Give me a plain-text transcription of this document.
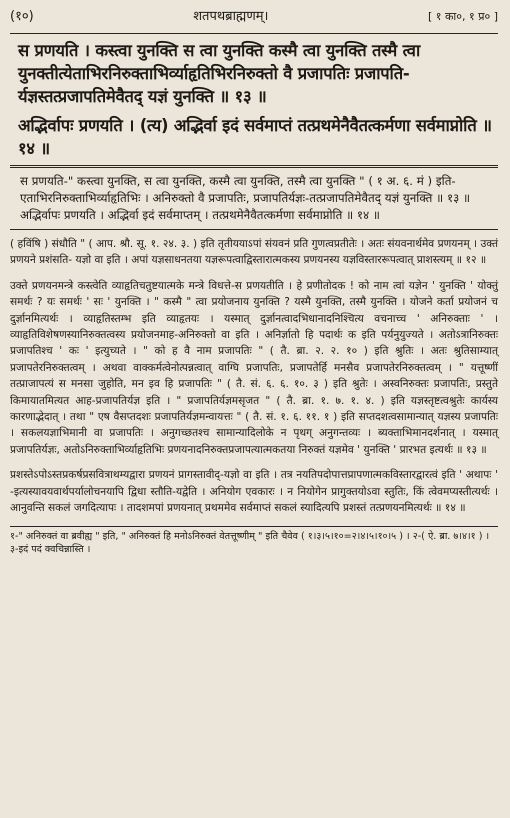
(१०)	शतपथब्राह्मणम्।	[ १ का०, १ प्र० ]

स प्रणयति । कस्त्वा युनक्ति स त्वा युनक्ति कस्मै त्वा युनक्ति तस्मै त्वा युनक्तीत्येताभिरनिरुक्ताभिर्व्याहृतिभिरनिरुक्तो वै प्रजापतिः प्रजापति-र्यज्ञस्तत्प्रजापतिमेवैतद् यज्ञं युनक्ति ॥ १३ ॥

अद्भिर्वापः प्रणयति । (त्य) अद्भिर्वा इदं सर्वमाप्तं तत्प्रथमेनैवैतत्कर्मणा सर्वमाप्नोति ॥ १४ ॥

स प्रणयति-" कस्त्वा युनक्ति, स त्वा युनक्ति, कस्मै त्वा युनक्ति, तस्मै त्वा युनक्ति " ( १ अ. ६. मं ) इति-एताभिरनिरुक्ताभिर्व्याहृतिभिः । अनिरुक्तो वै प्रजापतिः, प्रजापतिर्यज्ञः-तत्प्रजापतिमेवैतद् यज्ञं युनक्ति ॥ १३ ॥

अद्भिर्वापः प्रणयति । अद्भिर्वा इदं सर्वमाप्तम् । तत्प्रथमेनैवैतत्कर्मणा सर्वमाप्नोति ॥ १४ ॥

( हविंषि ) संधौति " ( आप. श्रौ. सू. १. २४. ३. ) इति तृतीययाऽपां संयवनं प्रति गुणत्वप्रतीतेः । अतः संयवनार्थमेव प्रणयनम् । उक्तं प्रणयने प्रशंसति- यज्ञो वा इति । अपां यज्ञसाधनतया यज्ञरूपत्वाद्विस्तारात्मकस्य प्रणयनस्य यज्ञविस्ताररूपत्वात् प्राशस्त्यम् ॥ १२ ॥

उक्ते प्रणयनमन्त्रे कस्त्वेति व्याहृतिचतुष्टयात्मके मन्त्रे विधत्ते-स प्रणयतीति । हे प्रणीतोदक ! को नाम त्वां यज्ञेन ' युनक्ति ' योक्तुं समर्थः ? यः समर्थः ' सः ' युनक्ति । " कस्मै " त्वा प्रयोजनाय युनक्ति ? यस्मै युनक्ति, तस्मै युनक्ति । योजने कर्ता प्रयोजनं च दुर्ज्ञानमित्यर्थः । व्याहृतिस्तम्भ इति व्याहृतयः । यस्मात् दुर्ज्ञानत्वादभिधानादनिश्चित्य वचनाच्च ' अनिरुक्ताः ' । व्याहृतिविशेषणस्यानिरुक्तत्वस्य प्रयोजनमाह-अनिरुक्तो वा इति । अनिर्ज्ञातो हि पदार्थः क इति पर्यनुयुज्यते । अतोऽत्रानिरुक्तः प्रजापतिश्च ' कः ' इत्युच्यते । " को ह वै नाम प्रजापतिः " ( तै. ब्रा. २. २. १० ) इति श्रुतिः । अतः श्रुतिसाम्यात् प्रजापतेरनिरुक्तत्वम् । अथवा वाक्कर्मत्वेनोत्पन्नत्वात् वाग्घि प्रजापतिः, प्रजापतेर्हि मनसैव प्रजापतेरनिरुक्तत्वम् । " यत्तूष्णीं तत्प्राजापत्यं स मनसा जुहोति, मन इव हि प्रजापतिः " ( तै. सं. ६. ६. १०. ३ ) इति श्रुतेः । अस्वनिरुक्तः प्रजापतिः, प्रस्तुते किमायातमित्यत आह-प्रजापतिर्यज्ञ इति । " प्रजापतिर्यज्ञमसृजत " ( तै. ब्रा. १. ७. १. ४. ) इति यज्ञस्तृष्टत्वश्रुतेः कार्यस्य कारणाद्भेदात् । तथा " एष वैसप्तदशः प्रजापतिर्यज्ञमन्वायत्तः " ( तै. सं. १. ६. ११. १ ) इति सप्तदशत्वसामान्यात् यज्ञस्य प्रजापतिः । सकलयज्ञाभिमानी वा प्रजापतिः । अनुगच्छतश्च सामान्यादिलोके न पृथग् अनुगन्तव्यः । ब्यक्ताभिमानदर्शनात् । यस्मात् प्रजापतिर्यज्ञः, अतोऽनिरुक्ताभिर्व्याहृतिभिः प्रणयनादनिरुक्तप्रजापत्यात्मकतया निरुक्तं यज्ञमेव ' युनक्ति ' प्रारभत इत्यर्थः ॥ १३ ॥

प्रशस्तेऽपोऽस्तप्रकर्षप्रसवित्राथम्यद्वारा प्रणयनं प्रागस्तावीद्-यज्ञो वा इति । तत्र नयतिपदोपात्तप्रापणात्मकविस्तारद्वारत्वं इति ' अथापः ' -इत्यस्यावयवार्थपर्यालोचनयापि द्विधा स्तौति-यद्वेति । अनियोग एवकारः । न नियोगेन प्रागुक्तयोऽवा स्तुतिः, किं त्वेवमप्यस्तीत्यर्थः । आनुवन्ति सकलं जगदित्यापः । तादशमपां प्रणयनात् प्रथममेव सर्वमाप्तं सकलं स्यादित्यपि प्रशस्तं तत्प्रणयनमित्यर्थः ॥ १४ ॥

१-" अनिरुक्तं वा ब्रवीह्य " इति, " अनिरुक्तं हि मनोऽनिरुक्तं वेतत्तूष्णीम् " इति चैवेव ( १।३।५।१०=२।४।५।१०।५ ) । २-( ऐ. ब्रा. ७।४।१ ) । ३-इदं पदं क्वचिन्नास्ति ।
